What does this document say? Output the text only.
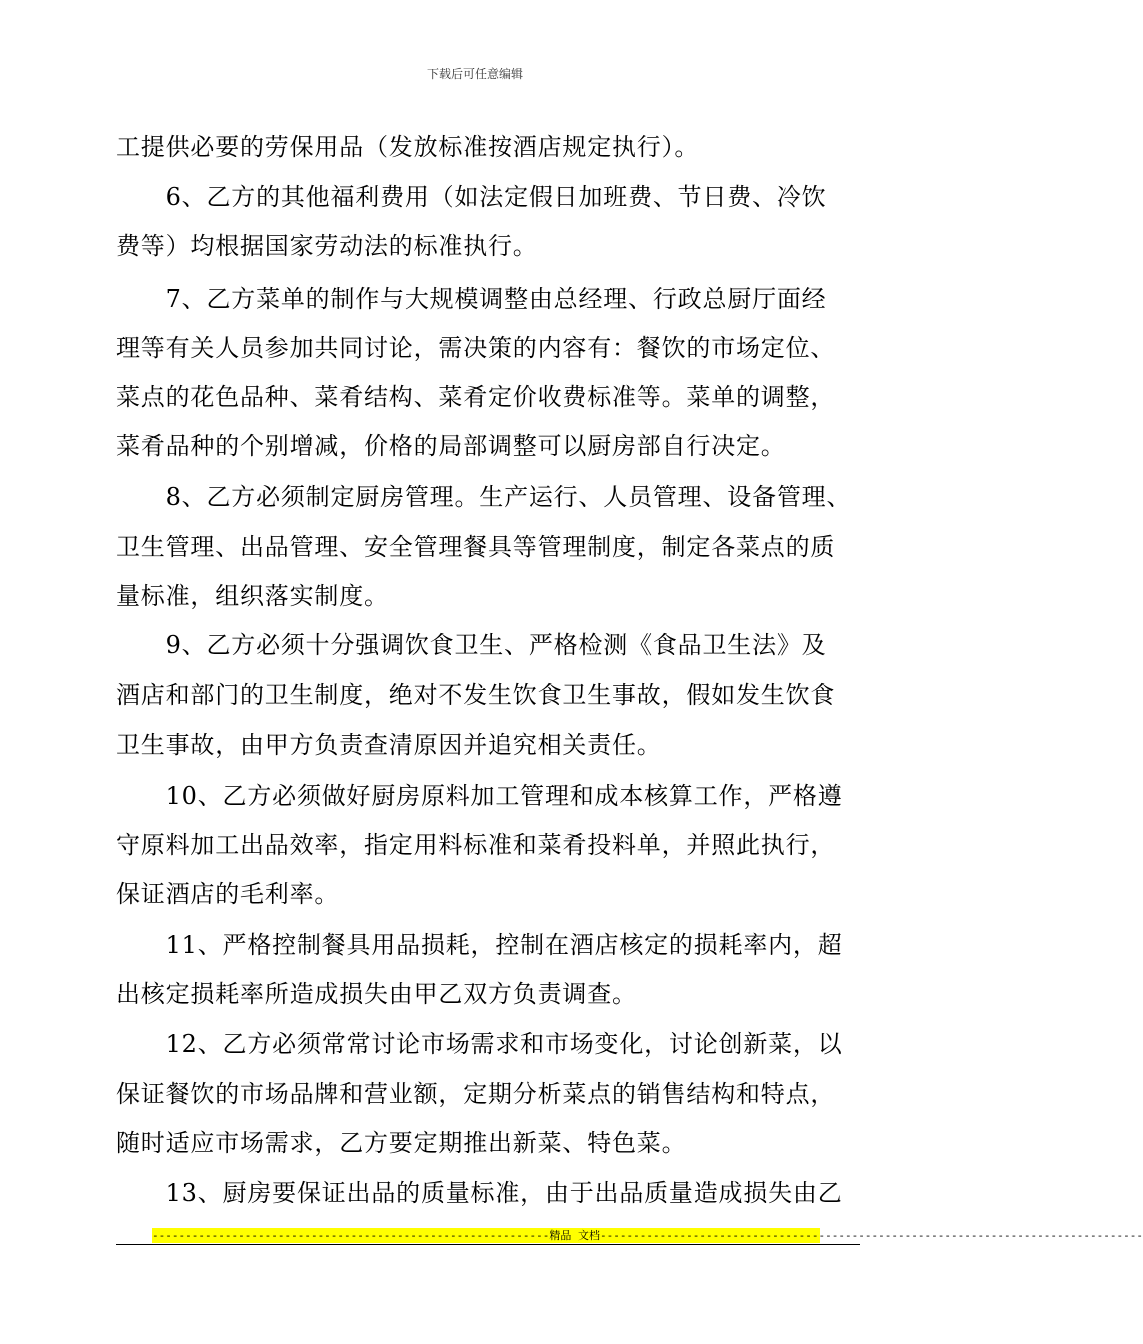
下载后可任意编辑
工提供必要的劳保用品（发放标准按酒店规定执行）。
　　6、乙方的其他福利费用（如法定假日加班费、节日费、冷饮
费等）均根据国家劳动法的标准执行。
　　7、乙方菜单的制作与大规模调整由总经理、行政总厨厅面经
理等有关人员参加共同讨论，需决策的内容有：餐饮的市场定位、
菜点的花色品种、菜肴结构、菜肴定价收费标准等。菜单的调整，
菜肴品种的个别增减，价格的局部调整可以厨房部自行决定。
　　8、乙方必须制定厨房管理。生产运行、人员管理、设备管理、
卫生管理、出品管理、安全管理餐具等管理制度，制定各菜点的质
量标准，组织落实制度。
　　9、乙方必须十分强调饮食卫生、严格检测《食品卫生法》及
酒店和部门的卫生制度，绝对不发生饮食卫生事故，假如发生饮食
卫生事故，由甲方负责查清原因并追究相关责任。
　　10、乙方必须做好厨房原料加工管理和成本核算工作，严格遵
守原料加工出品效率，指定用料标准和菜肴投料单，并照此执行，
保证酒店的毛利率。
　　11、严格控制餐具用品损耗，控制在酒店核定的损耗率内，超
出核定损耗率所造成损失由甲乙双方负责调查。
　　12、乙方必须常常讨论市场需求和市场变化，讨论创新菜，以
保证餐饮的市场品牌和营业额，定期分析菜点的销售结构和特点，
随时适应市场需求，乙方要定期推出新菜、特色菜。
　　13、厨房要保证出品的质量标准，由于出品质量造成损失由乙
------------------------------------------------------------精品 文档----------------------------------------------------------------------------------
